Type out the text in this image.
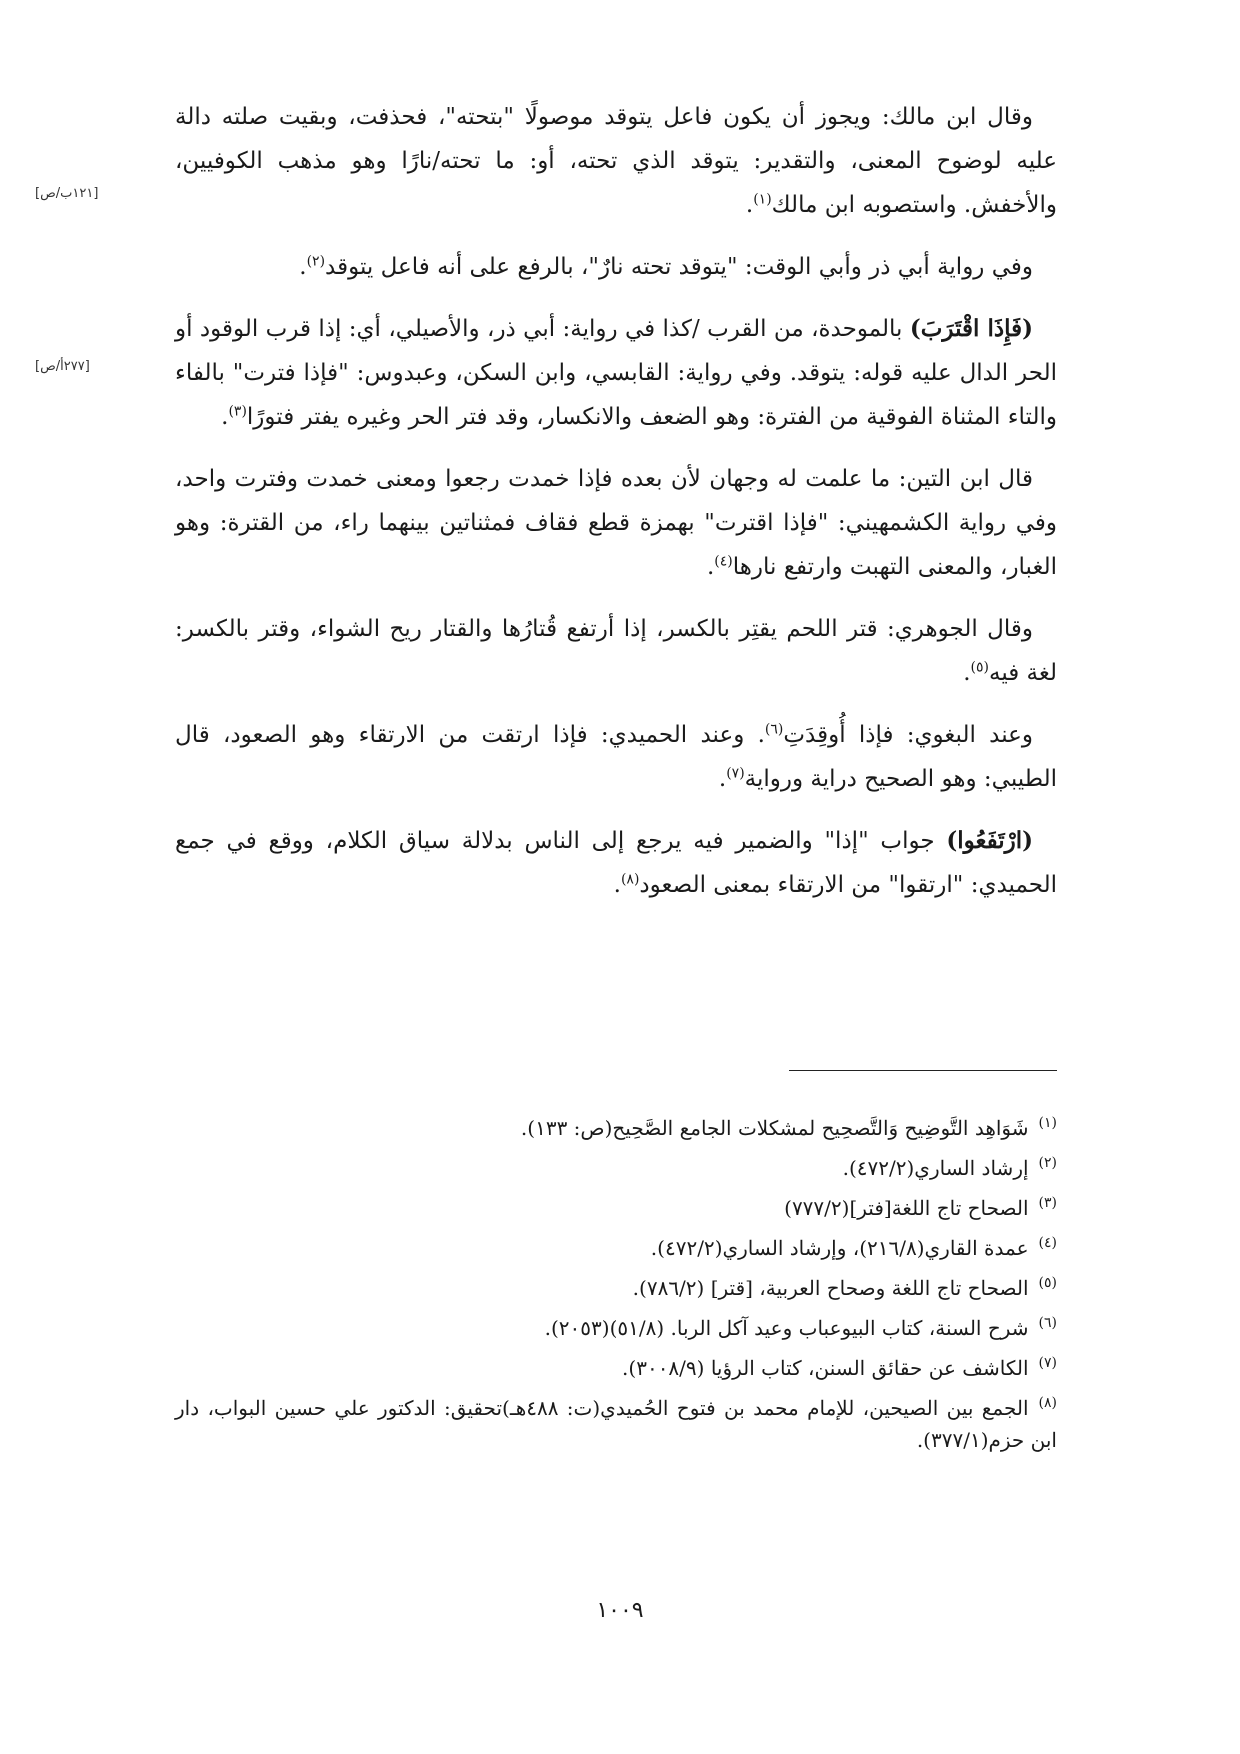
وقال ابن مالك: ويجوز أن يكون فاعل يتوقد موصولًا "بتحته"، فحذفت، وبقيت صلته دالة عليه لوضوح المعنى، والتقدير: يتوقد الذي تحته، أو: ما تحته/نارًا وهو مذهب الكوفيين، والأخفش. واستصوبه ابن مالك$^{(١)}$.

وفي رواية أبي ذر وأبي الوقت: "يتوقد تحته نارٌ"، بالرفع على أنه فاعل يتوقد$^{(٢)}$.

(فَإِذَا اقْتَرَبَ) بالموحدة، من القرب /كذا في رواية: أبي ذر، والأصيلي، أي: إذا قرب الوقود أو الحر الدال عليه قوله: يتوقد. وفي رواية: القابسي، وابن السكن، وعبدوس: "فإذا فترت" بالفاء والتاء المثناة الفوقية من الفترة: وهو الضعف والانكسار، وقد فتر الحر وغيره يفتر فتورًا$^{(٣)}$.

قال ابن التين: ما علمت له وجهان لأن بعده فإذا خمدت رجعوا ومعنى خمدت وفترت واحد، وفي رواية الكشمهيني: "فإذا اقترت" بهمزة قطع فقاف فمثناتين بينهما راء، من القترة: وهو الغبار، والمعنى التهبت وارتفع نارها$^{(٤)}$.

وقال الجوهري: قتر اللحم يقتِر بالكسر، إذا أرتفع قُتارُها والقتار ريح الشواء، وقتر بالكسر: لغة فيه$^{(٥)}$.

وعند البغوي: فإذا أُوقِدَتِ$^{(٦)}$. وعند الحميدي: فإذا ارتقت من الارتقاء وهو الصعود، قال الطيبي: وهو الصحيح دراية ورواية$^{(٧)}$.

(ارْتَفَعُوا) جواب "إذا" والضمير فيه يرجع إلى الناس بدلالة سياق الكلام، ووقع في جمع الحميدي: "ارتقوا" من الارتقاء بمعنى الصعود$^{(٨)}$.

[١٢١ب/ص]
[٢٧٧أ/ص]

$^{(١)}$شَوَاهِد التَّوضِيح وَالتَّصحِيح لمشكلات الجامع الصَّحِيح(ص: ١٣٣).

$^{(٢)}$إرشاد الساري(٤٧٢/٢).

$^{(٣)}$الصحاح تاج اللغة[فتر](٧٧٧/٢)

$^{(٤)}$عمدة القاري(٢١٦/٨)، وإرشاد الساري(٤٧٢/٢).

$^{(٥)}$الصحاح تاج اللغة وصحاح العربية، [قتر] (٧٨٦/٢).

$^{(٦)}$شرح السنة، كتاب البيوعباب وعيد آكل الربا. (٥١/٨)(٢٠٥٣).

$^{(٧)}$الكاشف عن حقائق السنن، كتاب الرؤيا (٣٠٠٨/٩).

$^{(٨)}$الجمع بين الصيحين، للإمام محمد بن فتوح الحُميدي(ت: ٤٨٨هـ)تحقيق: الدكتور علي حسين البواب، دار ابن حزم(٣٧٧/١).

١٠٠٩
